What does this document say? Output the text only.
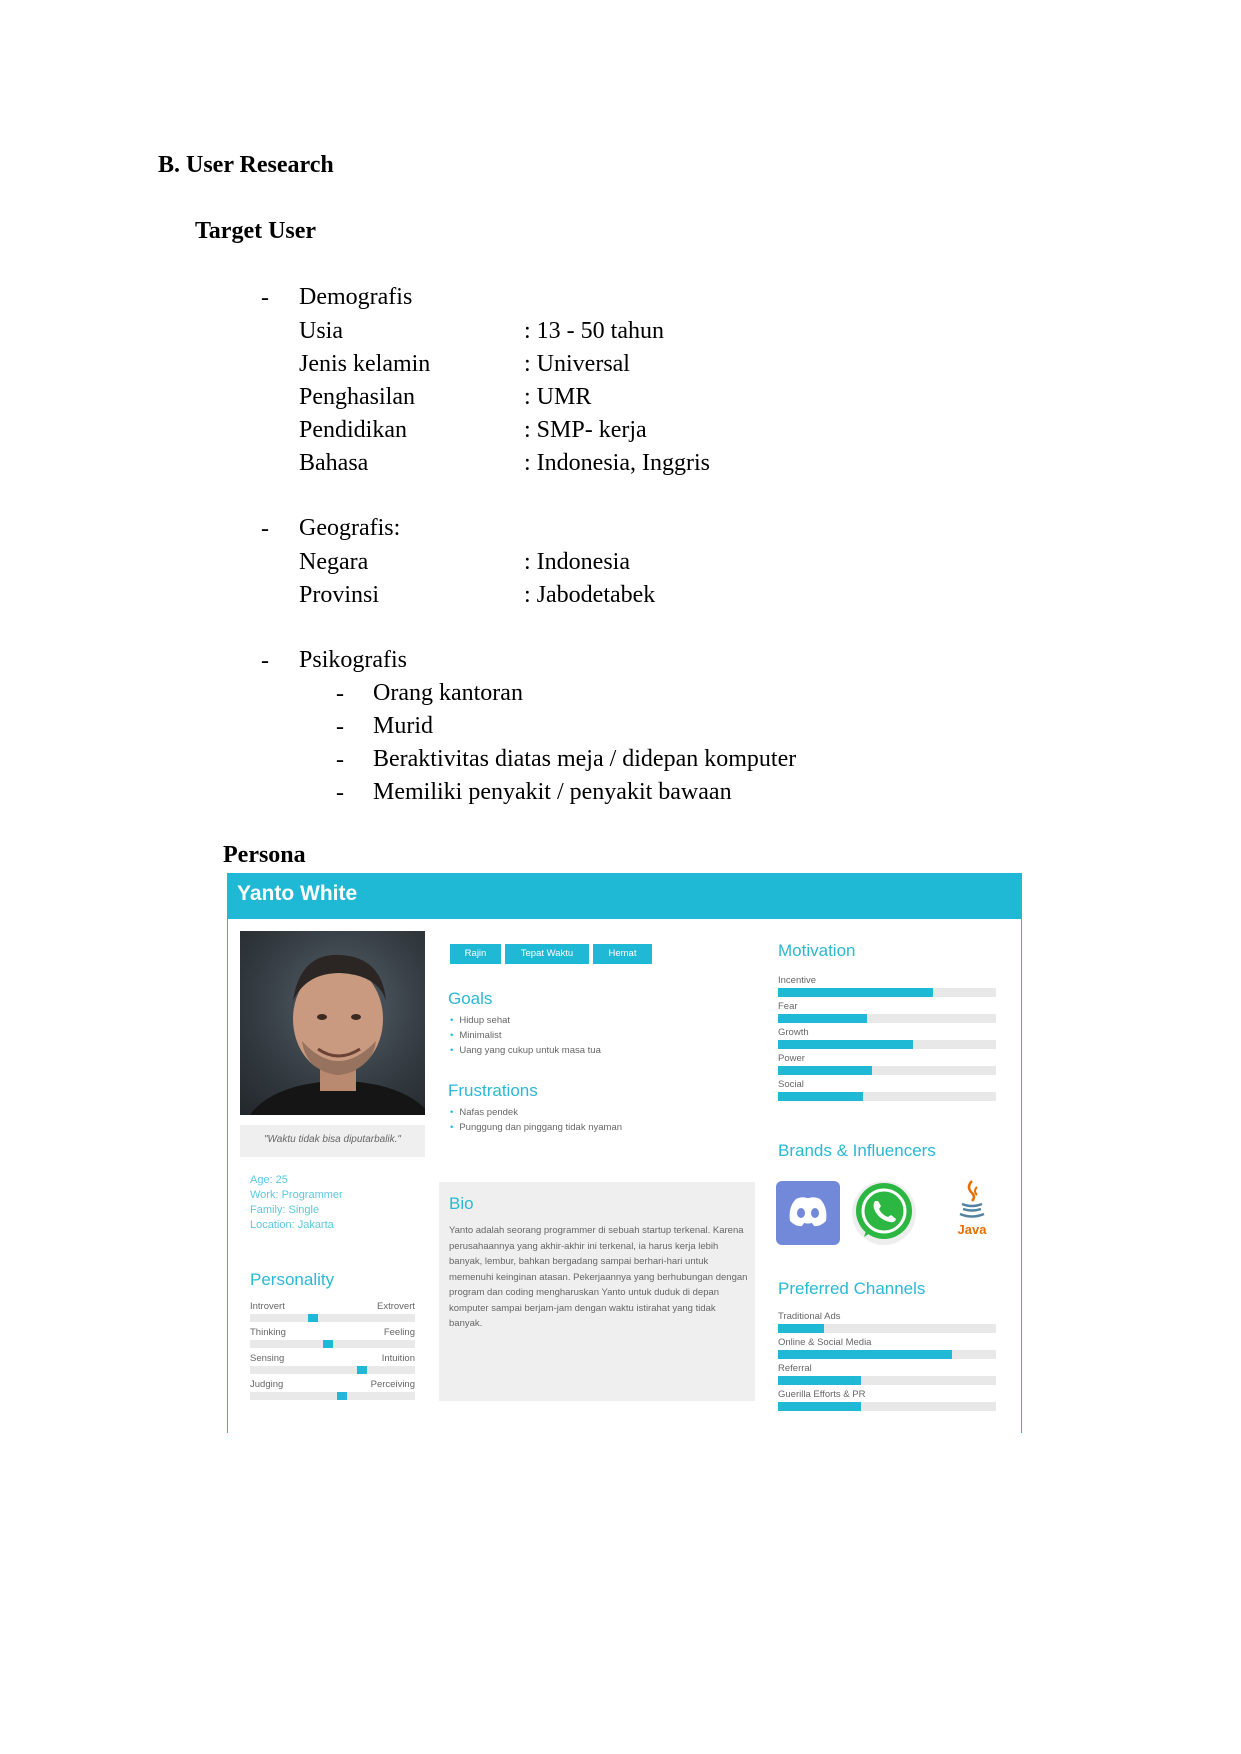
B. User Research
Target User
- Demografis
Usia	: 13 - 50 tahun
Jenis kelamin	: Universal
Penghasilan	: UMR
Pendidikan	: SMP- kerja
Bahasa	: Indonesia, Inggris
- Geografis:
Negara	: Indonesia
Provinsi	: Jabodetabek
- Psikografis
- Orang kantoran
- Murid
- Beraktivitas diatas meja / didepan komputer
- Memiliki penyakit / penyakit bawaan
Persona
Yanto White
"Waktu tidak bisa diputarbalik."
Age: 25
Work: Programmer
Family: Single
Location: Jakarta
Personality
Introvert	Extrovert
Thinking	Feeling
Sensing	Intuition
Judging	Perceiving
Rajin	Tepat Waktu	Hemat
Goals
• Hidup sehat
• Minimalist
• Uang yang cukup untuk masa tua
Frustrations
• Nafas pendek
• Punggung dan pinggang tidak nyaman
Bio
Yanto adalah seorang programmer di sebuah startup terkenal. Karena perusahaannya yang akhir-akhir ini terkenal, ia harus kerja lebih banyak, lembur, bahkan bergadang sampai berhari-hari untuk memenuhi keinginan atasan. Pekerjaannya yang berhubungan dengan program dan coding mengharuskan Yanto untuk duduk di depan komputer sampai berjam-jam dengan waktu istirahat yang tidak banyak.
Motivation
Incentive
Fear
Growth
Power
Social
Brands & Influencers
Java
Preferred Channels
Traditional Ads
Online & Social Media
Referral
Guerilla Efforts & PR
